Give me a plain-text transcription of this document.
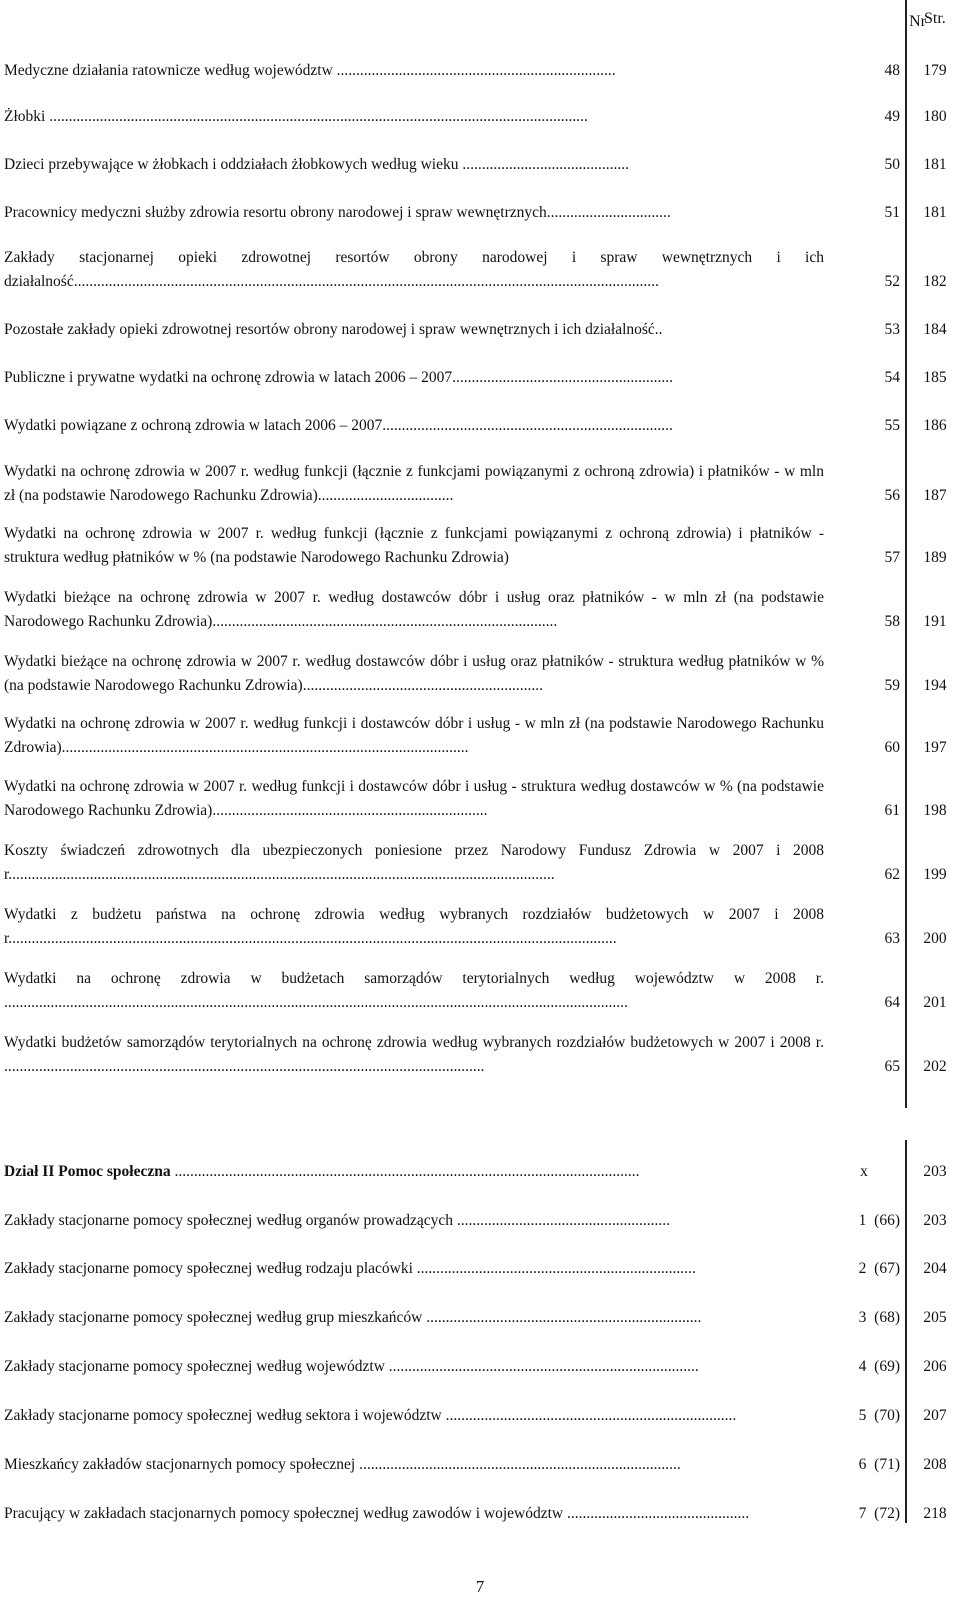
Nr
Str.
Medyczne działania ratownicze według województw ........................................................................	48	179
Żłobki ...........................................................................................................................................	49	180
Dzieci przebywające w żłobkach i oddziałach żłobkowych według wieku ...........................................	50	181
Pracownicy medyczni służby zdrowia resortu obrony narodowej i spraw wewnętrznych................................	51	181
Zakłady stacjonarnej opieki zdrowotnej resortów obrony narodowej i spraw wewnętrznych i ich działalność.......................................................................................................................................................	52	182
Pozostałe zakłady opieki zdrowotnej resortów obrony narodowej i spraw wewnętrznych i ich działalność..	53	184
Publiczne i prywatne wydatki na ochronę zdrowia w latach 2006 – 2007.........................................................	54	185
Wydatki powiązane z ochroną zdrowia w latach 2006 – 2007...........................................................................	55	186
Wydatki na ochronę zdrowia w 2007 r. według funkcji (łącznie z funkcjami powiązanymi z ochroną zdrowia) i płatników - w mln zł (na podstawie Narodowego Rachunku Zdrowia)...................................	56	187
Wydatki na ochronę zdrowia w 2007 r. według funkcji (łącznie z funkcjami powiązanymi z ochroną zdrowia) i płatników - struktura według płatników w % (na podstawie Narodowego Rachunku Zdrowia)	57	189
Wydatki bieżące na ochronę zdrowia w 2007 r. według dostawców dóbr i usług oraz płatników - w mln zł (na podstawie Narodowego Rachunku Zdrowia).........................................................................................	58	191
Wydatki bieżące na ochronę zdrowia w 2007 r. według dostawców dóbr i usług oraz płatników - struktura według płatników w % (na podstawie Narodowego Rachunku Zdrowia)..............................................................	59	194
Wydatki na ochronę zdrowia w 2007 r. według funkcji i dostawców dóbr i usług - w mln zł (na podstawie Narodowego Rachunku Zdrowia).........................................................................................................	60	197
Wydatki na ochronę zdrowia w 2007 r. według funkcji i dostawców dóbr i usług - struktura według dostawców w % (na podstawie Narodowego Rachunku Zdrowia).......................................................................	61	198
Koszty świadczeń zdrowotnych dla ubezpieczonych poniesione przez Narodowy Fundusz Zdrowia w 2007 i 2008 r.............................................................................................................................................	62	199
Wydatki z budżetu państwa na ochronę zdrowia według wybranych rozdziałów budżetowych w 2007 i 2008 r.............................................................................................................................................................	63	200
Wydatki na ochronę zdrowia w budżetach samorządów terytorialnych według województw w 2008 r. .................................................................................................................................................................	64	201
Wydatki budżetów samorządów terytorialnych na ochronę zdrowia według wybranych rozdziałów budżetowych w 2007 i 2008 r. ............................................................................................................................	65	202
Dział II Pomoc społeczna ........................................................................................................................	x	203
Zakłady stacjonarne pomocy społecznej według organów prowadzących .......................................................	1  (66)	203
Zakłady stacjonarne pomocy społecznej według rodzaju placówki ........................................................................	2  (67)	204
Zakłady stacjonarne pomocy społecznej według grup mieszkańców .......................................................................	3  (68)	205
Zakłady stacjonarne pomocy społecznej według województw ................................................................................	4  (69)	206
Zakłady stacjonarne pomocy społecznej według sektora i województw ...........................................................................	5  (70)	207
Mieszkańcy zakładów stacjonarnych pomocy społecznej ...................................................................................	6  (71)	208
Pracujący w zakładach stacjonarnych pomocy społecznej według zawodów i województw ...............................................	7  (72)	218
7
